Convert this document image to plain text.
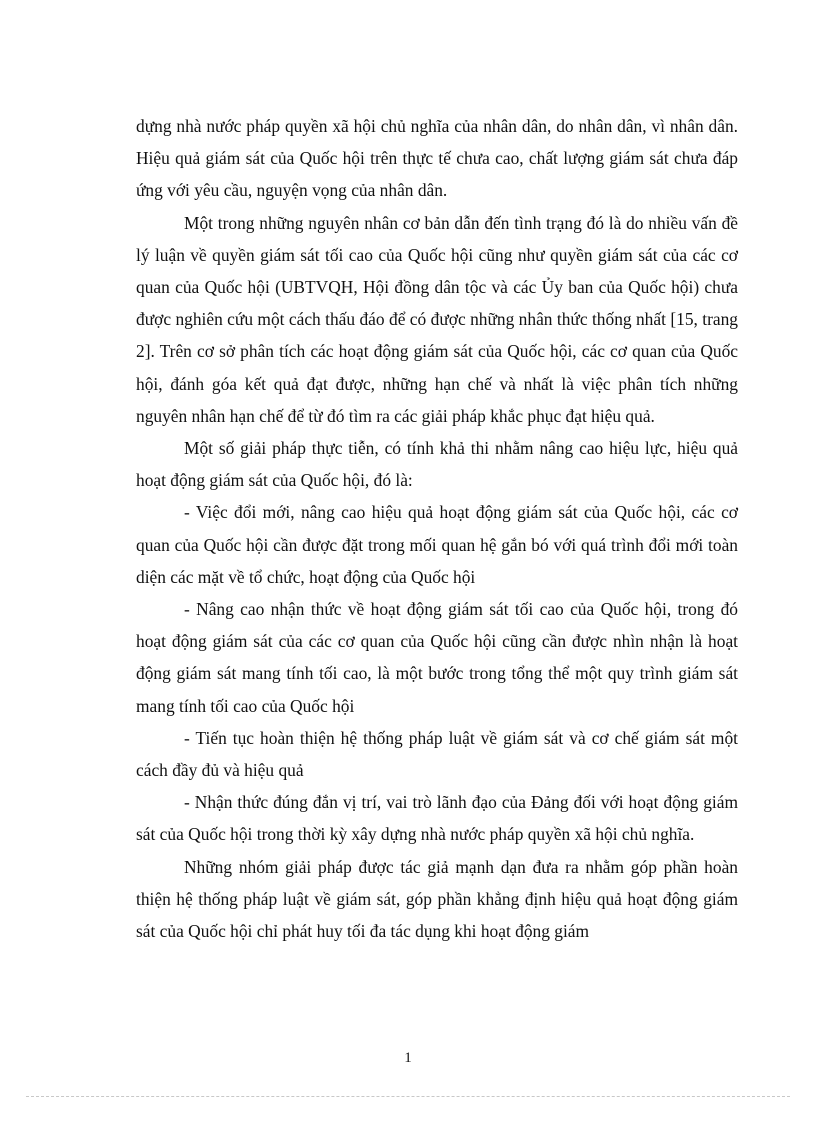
dựng nhà nước pháp quyền xã hội chủ nghĩa của nhân dân, do nhân dân, vì nhân dân. Hiệu quả giám sát của Quốc hội trên thực tế chưa cao, chất lượng giám sát chưa đáp ứng với yêu cầu, nguyện vọng của nhân dân.

Một trong những nguyên nhân cơ bản dẫn đến tình trạng đó là do nhiều vấn đề lý luận về quyền giám sát tối cao của Quốc hội cũng như quyền giám sát của các cơ quan của Quốc hội (UBTVQH, Hội đồng dân tộc và các Ủy ban của Quốc hội) chưa được nghiên cứu một cách thấu đáo để có được những nhân thức thống nhất [15, trang 2]. Trên cơ sở phân tích các hoạt động giám sát của Quốc hội, các cơ quan của Quốc hội, đánh góa kết quả đạt được, những hạn chế và nhất là việc phân tích những nguyên nhân hạn chế để từ đó tìm ra các giải pháp khắc phục đạt hiệu quả.

Một số giải pháp thực tiễn, có tính khả thi nhằm nâng cao hiệu lực, hiệu quả hoạt động giám sát của Quốc hội, đó là:

- Việc đổi mới, nâng cao hiệu quả hoạt động giám sát của Quốc hội, các cơ quan của Quốc hội cần được đặt trong mối quan hệ gắn bó với quá trình đổi mới toàn diện các mặt về tổ chức, hoạt động của Quốc hội

- Nâng cao nhận thức về hoạt động giám sát tối cao của Quốc hội, trong đó hoạt động giám sát của các cơ quan của Quốc hội cũng cần được nhìn nhận là hoạt động giám sát mang tính tối cao, là một bước trong tổng thể một quy trình giám sát mang tính tối cao của Quốc hội

- Tiến tục hoàn thiện hệ thống pháp luật về giám sát và cơ chế giám sát một cách đầy đủ và hiệu quả

- Nhận thức đúng đắn vị trí, vai trò lãnh đạo của Đảng đối với hoạt động giám sát của Quốc hội trong thời kỳ xây dựng nhà nước pháp quyền xã hội chủ nghĩa.

Những nhóm giải pháp được tác giả mạnh dạn đưa ra nhằm góp phần hoàn thiện hệ thống pháp luật về giám sát, góp phần khẳng định hiệu quả hoạt động giám sát của Quốc hội chỉ phát huy tối đa tác dụng khi hoạt động giám

1
